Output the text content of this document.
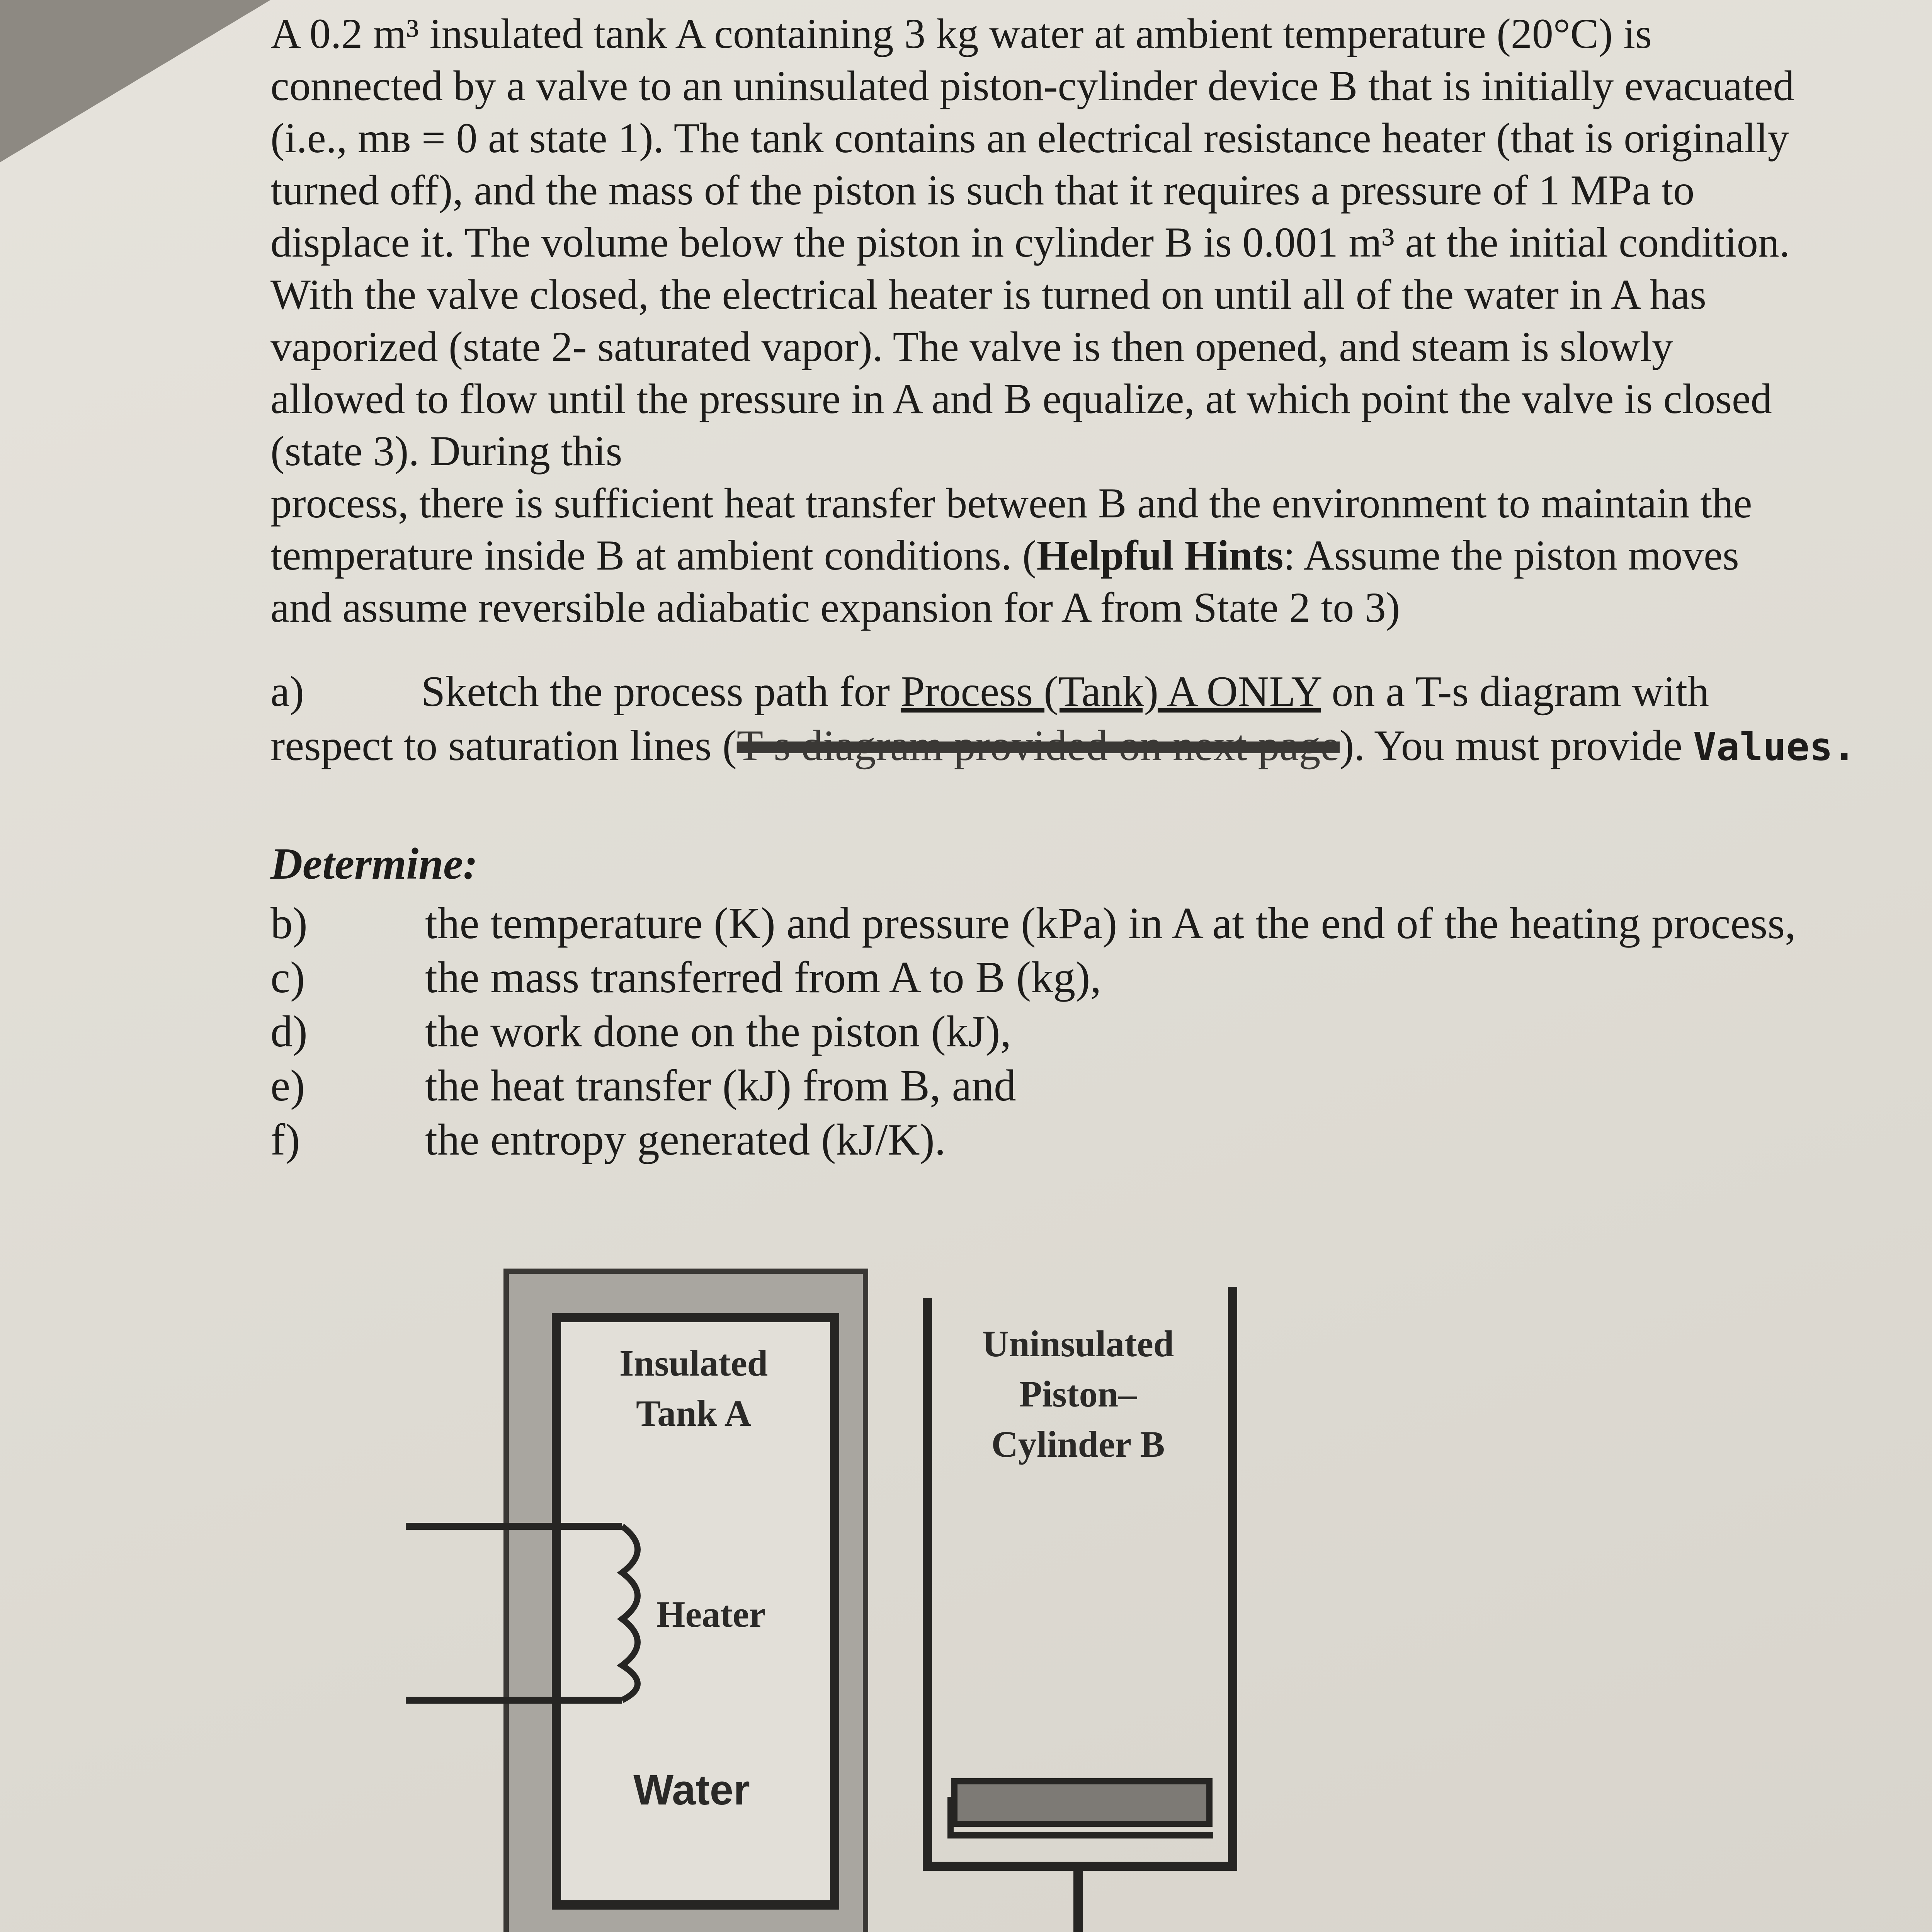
A 0.2 m³ insulated tank A containing 3 kg water at ambient temperature (20°C) is

connected by a valve to an uninsulated piston-cylinder device B that is initially evacuated

(i.e., mʙ = 0 at state 1). The tank contains an electrical resistance heater (that is originally

turned off), and the mass of the piston is such that it requires a pressure of 1 MPa to

displace it. The volume below the piston in cylinder B is 0.001 m³ at the initial condition.

With the valve closed, the electrical heater is turned on until all of the water in A has

vaporized (state 2- saturated vapor). The valve is then opened, and steam is slowly

allowed to flow until the pressure in A and B equalize, at which point the valve is closed

(state 3). During this

process, there is sufficient heat transfer between B and the environment to maintain the

temperature inside B at ambient conditions. (Helpful Hints: Assume the piston moves

and assume reversible adiabatic expansion for A from State 2 to 3)

a)	Sketch the process path for Process (Tank) A ONLY on a T-s diagram with
respect to saturation lines (T-s diagram provided on next page). You must provide Values.
Determine:
b)	the temperature (K) and pressure (kPa) in A at the end of the heating process,
c)	the mass transferred from A to B (kg),
d)	the work done on the piston (kJ),
e)	the heat transfer (kJ) from B, and
f)	the entropy generated (kJ/K).
Insulated
Tank A
Heater
Water
Uninsulated
Piston–
Cylinder B
